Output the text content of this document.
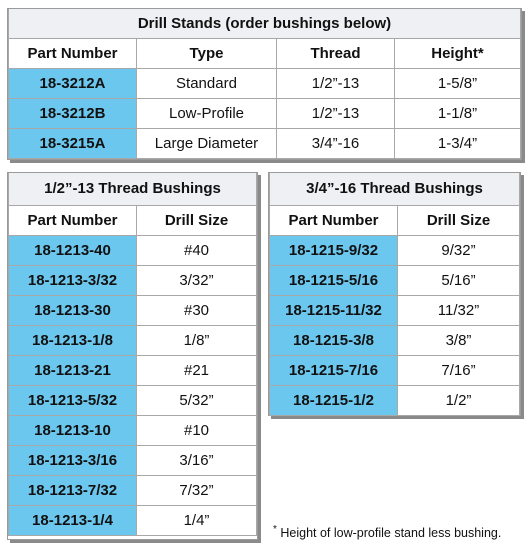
Drill Stands (order bushings below)			
Part Number	Type	Thread	Height*
18-3212A	Standard	1/2”-13	1-5/8”
18-3212B	Low-Profile	1/2”-13	1-1/8”
18-3215A	Large Diameter	3/4”-16	1-3/4”
1/2”-13 Thread Bushings	
Part Number	Drill Size
18-1213-40	#40
18-1213-3/32	3/32”
18-1213-30	#30
18-1213-1/8	1/8”
18-1213-21	#21
18-1213-5/32	5/32”
18-1213-10	#10
18-1213-3/16	3/16”
18-1213-7/32	7/32”
18-1213-1/4	1/4”
3/4”-16 Thread Bushings	
Part Number	Drill Size
18-1215-9/32	9/32”
18-1215-5/16	5/16”
18-1215-11/32	11/32”
18-1215-3/8	3/8”
18-1215-7/16	7/16”
18-1215-1/2	1/2”
* Height of low-profile stand less bushing.
